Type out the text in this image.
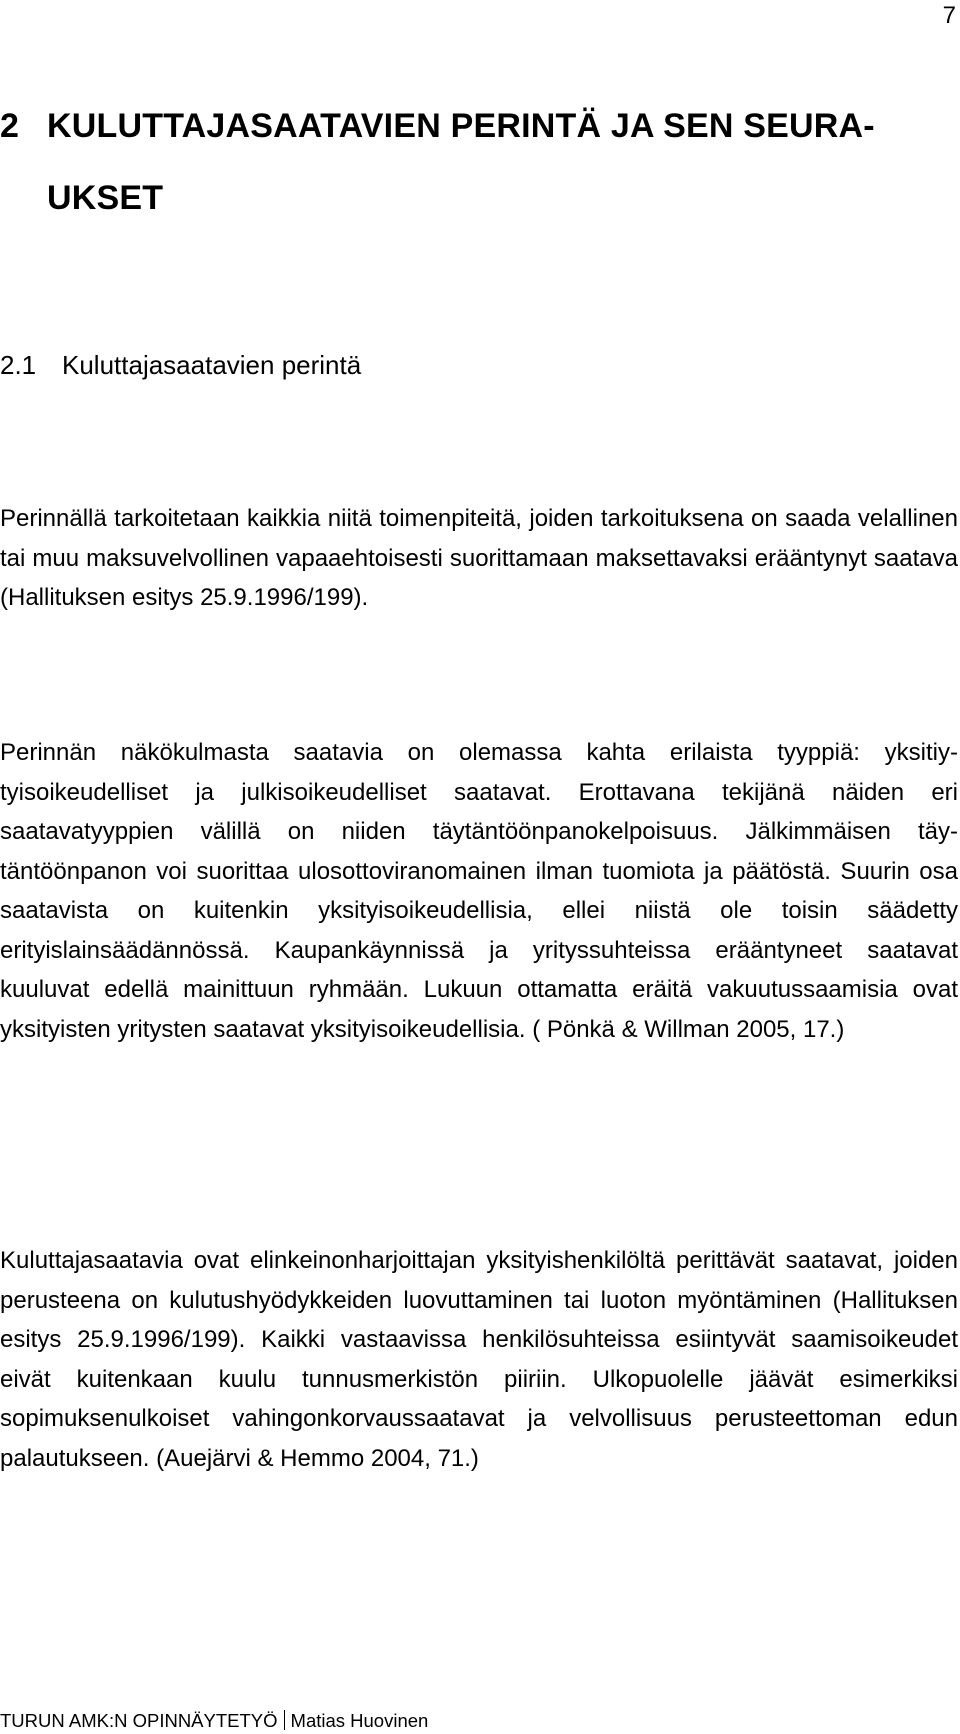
7
2 KULUTTAJASAATAVIEN PERINTÄ JA SEN SEURA-
UKSET
2.1 Kuluttajasaatavien perintä

Perinnällä tarkoitetaan kaikkia niitä toimenpiteitä, joiden tarkoituksena on saada velallinen tai muu maksuvelvollinen vapaaehtoisesti suorittamaan maksettavaksi erääntynyt saatava (Hallituksen esitys 25.9.1996/199).

Perinnän näkökulmasta saatavia on olemassa kahta erilaista tyyppiä: yksitiytyisoikeudelliset ja julkisoikeudelliset saatavat. Erottavana tekijänä näiden eri saatavatyyppien välillä on niiden täytäntöönpanokelpoisuus. Jälkimmäisen täytäntöönpanon voi suorittaa ulosottoviranomainen ilman tuomiota ja päätöstä. Suurin osa saatavista on kuitenkin yksityisoikeudellisia, ellei niistä ole toisin säädetty erityislainsäädännössä. Kaupankäynnissä ja yrityssuhteissa erääntyneet saatavat kuuluvat edellä mainittuun ryhmään. Lukuun ottamatta eräitä vakuutussaamisia ovat yksityisten yritysten saatavat yksityisoikeudellisia. ( Pönkä & Willman 2005, 17.)

Kuluttajasaatavia ovat elinkeinonharjoittajan yksityishenkilöltä perittävät saatavat, joiden perusteena on kulutushyödykkeiden luovuttaminen tai luoton myöntäminen (Hallituksen esitys 25.9.1996/199). Kaikki vastaavissa henkilösuhteissa esiintyvät saamisoikeudet eivät kuitenkaan kuulu tunnusmerkistön piiriin. Ulkopuolelle jäävät esimerkiksi sopimuksenulkoiset vahingonkorvaussaatavat ja velvollisuus perusteettoman edun palautukseen. (Auejärvi & Hemmo 2004, 71.)

TURUN AMK:N OPINNÄYTETYÖ Matias Huovinen
